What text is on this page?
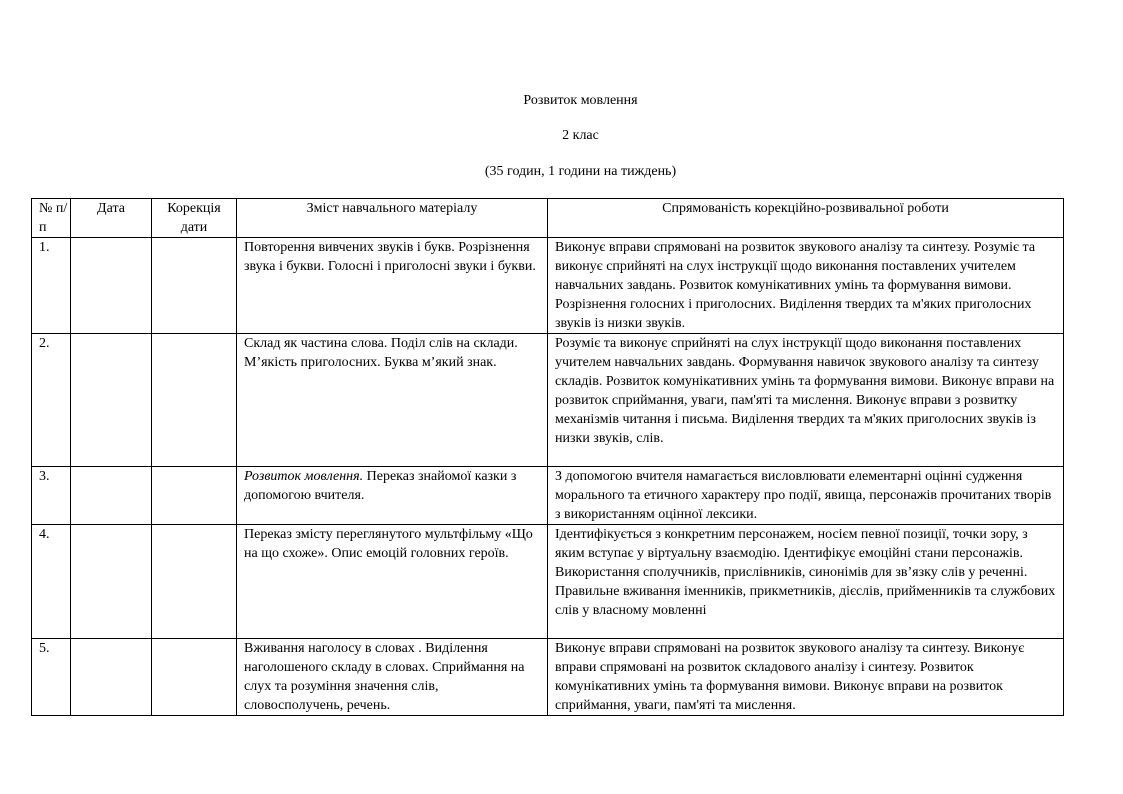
Розвиток мовлення

2 клас

(35 годин, 1 години на тиждень)

№ п/п	Дата	Корекція дати	Зміст навчального матеріалу	Спрямованість корекційно-розвивальної роботи
1.			Повторення вивчених звуків і букв. Розрізнення звука і букви. Голосні і приголосні звуки і букви.	Виконує вправи спрямовані на розвиток звукового аналізу та синтезу. Розуміє та виконує сприйняті на слух інструкції щодо виконання поставлених учителем навчальних завдань. Розвиток комунікативних умінь та формування вимови. Розрізнення голосних і приголосних. Виділення твердих та м'яких приголосних звуків із низки звуків.
2.			Склад як частина слова. Поділ слів на склади. М’якість приголосних. Буква м’який знак.	Розуміє та виконує сприйняті на слух інструкції щодо виконання поставлених учителем навчальних завдань. Формування навичок звукового аналізу та синтезу складів. Розвиток комунікативних умінь та формування вимови. Виконує вправи на розвиток сприймання, уваги, пам'яті та мислення. Виконує вправи з розвитку механізмів читання і письма. Виділення твердих та м'яких приголосних звуків із низки звуків, слів.
3.			Розвиток мовлення. Переказ знайомої казки з допомогою вчителя.	З допомогою вчителя намагається висловлювати елементарні оцінні судження морального та етичного характеру про події, явища, персонажів прочитаних творів з використанням оцінної лексики.
4.			Переказ змісту переглянутого мультфільму «Що на що схоже». Опис емоцій головних героїв.	Ідентифікується з конкретним персонажем, носієм певної позиції, точки зору, з яким вступає у віртуальну взаємодію. Ідентифікує емоційні стани персонажів. Використання сполучників, прислівників, синонімів для зв’язку слів у реченні. Правильне вживання іменників, прикметників, дієслів, прийменників та службових слів у власному мовленні
5.			Вживання наголосу в словах . Виділення наголошеного складу в словах. Сприймання на слух та розуміння значення слів, словосполучень, речень.	Виконує вправи спрямовані на розвиток звукового аналізу та синтезу. Виконує вправи спрямовані на розвиток складового аналізу і синтезу. Розвиток комунікативних умінь та формування вимови. Виконує вправи на розвиток сприймання, уваги, пам'яті та мислення.
